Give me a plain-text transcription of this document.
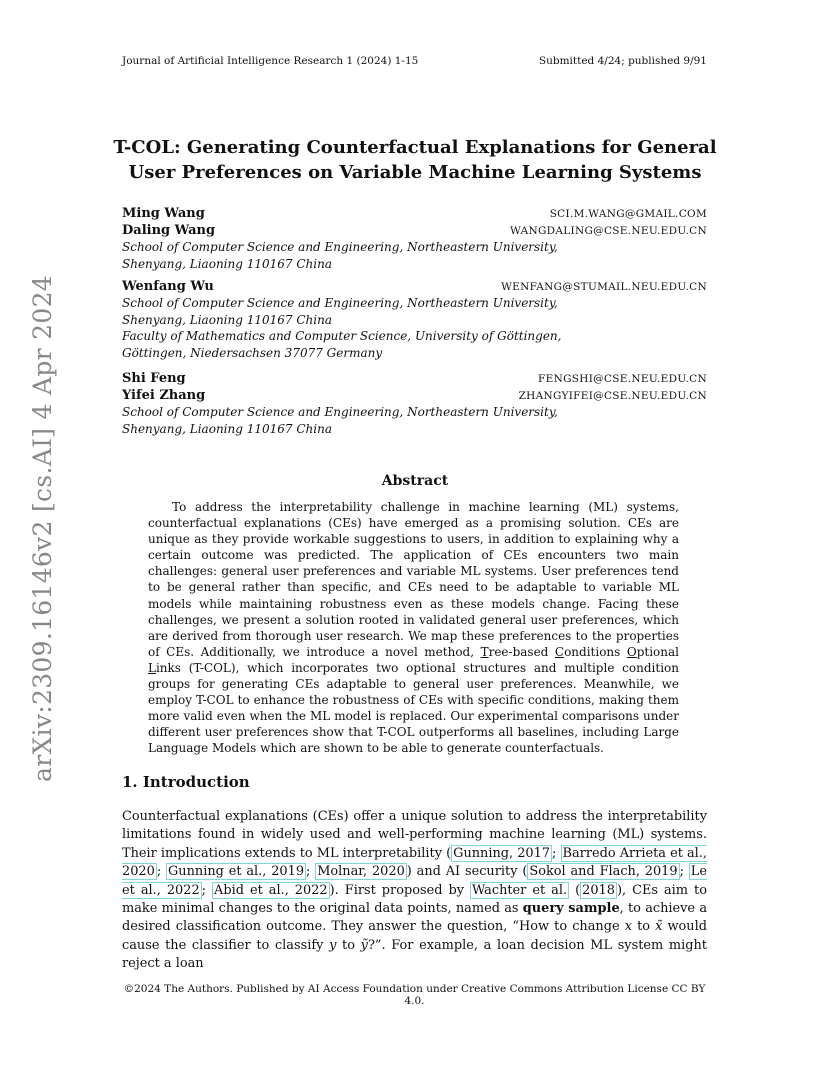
arXiv:2309.16146v2 [cs.AI] 4 Apr 2024
Journal of Artificial Intelligence Research 1 (2024) 1-15	Submitted 4/24; published 9/91
T-COL: Generating Counterfactual Explanations for General
User Preferences on Variable Machine Learning Systems
Ming Wang	SCI.M.WANG@GMAIL.COM
Daling Wang	WANGDALING@CSE.NEU.EDU.CN
School of Computer Science and Engineering, Northeastern University,
Shenyang, Liaoning 110167 China
Wenfang Wu	WENFANG@STUMAIL.NEU.EDU.CN
School of Computer Science and Engineering, Northeastern University,
Shenyang, Liaoning 110167 China
Faculty of Mathematics and Computer Science, University of Göttingen,
Göttingen, Niedersachsen 37077 Germany
Shi Feng	FENGSHI@CSE.NEU.EDU.CN
Yifei Zhang	ZHANGYIFEI@CSE.NEU.EDU.CN
School of Computer Science and Engineering, Northeastern University,
Shenyang, Liaoning 110167 China
Abstract

To address the interpretability challenge in machine learning (ML) systems, counterfactual explanations (CEs) have emerged as a promising solution. CEs are unique as they provide workable suggestions to users, in addition to explaining why a certain outcome was predicted. The application of CEs encounters two main challenges: general user preferences and variable ML systems. User preferences tend to be general rather than specific, and CEs need to be adaptable to variable ML models while maintaining robustness even as these models change. Facing these challenges, we present a solution rooted in validated general user preferences, which are derived from thorough user research. We map these preferences to the properties of CEs. Additionally, we introduce a novel method, Tree-based Conditions Optional Links (T-COL), which incorporates two optional structures and multiple condition groups for generating CEs adaptable to general user preferences. Meanwhile, we employ T-COL to enhance the robustness of CEs with specific conditions, making them more valid even when the ML model is replaced. Our experimental comparisons under different user preferences show that T-COL outperforms all baselines, including Large Language Models which are shown to be able to generate counterfactuals.

1. Introduction

Counterfactual explanations (CEs) offer a unique solution to address the interpretability limitations found in widely used and well-performing machine learning (ML) systems. Their implications extends to ML interpretability ( Gunning, 2017 ; Barredo Arrieta et al., 2020 ; Gunning et al., 2019 ; Molnar, 2020 ) and AI security ( Sokol and Flach, 2019 ; Le et al., 2022 ; Abid et al., 2022 ). First proposed by Wachter et al. ( 2018 ), CEs aim to make minimal changes to the original data points, named as query sample, to achieve a desired classification outcome. They answer the question, “How to change x to x̃ would cause the classifier to classify y to ỹ?”. For example, a loan decision ML system might reject a loan

©2024 The Authors. Published by AI Access Foundation under Creative Commons Attribution License CC BY 4.0.
